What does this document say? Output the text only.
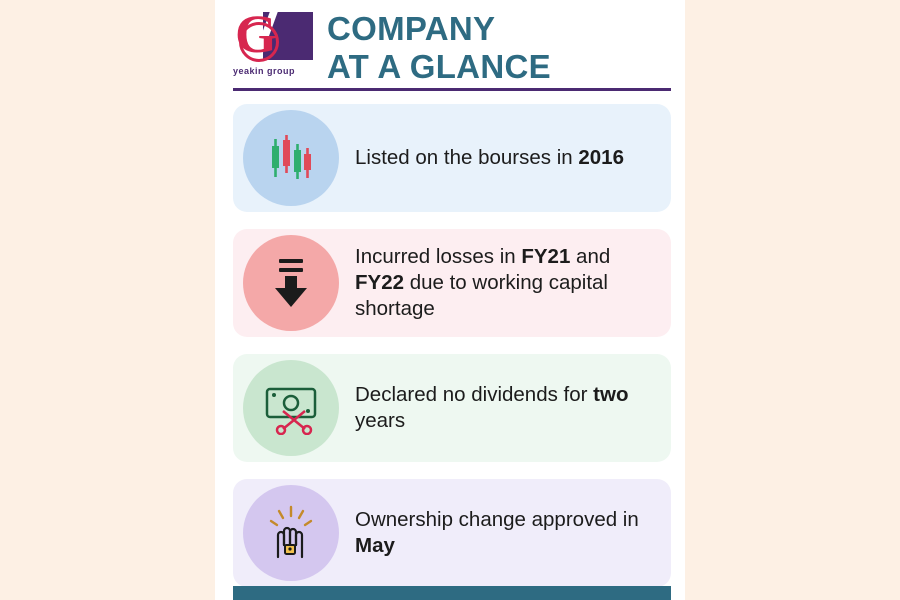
G
yeakin group
COMPANY
AT A GLANCE
Listed on the bourses in 2016
Incurred losses in FY21 and FY22 due to working capital shortage
Declared no dividends for two years
Ownership change approved in May
